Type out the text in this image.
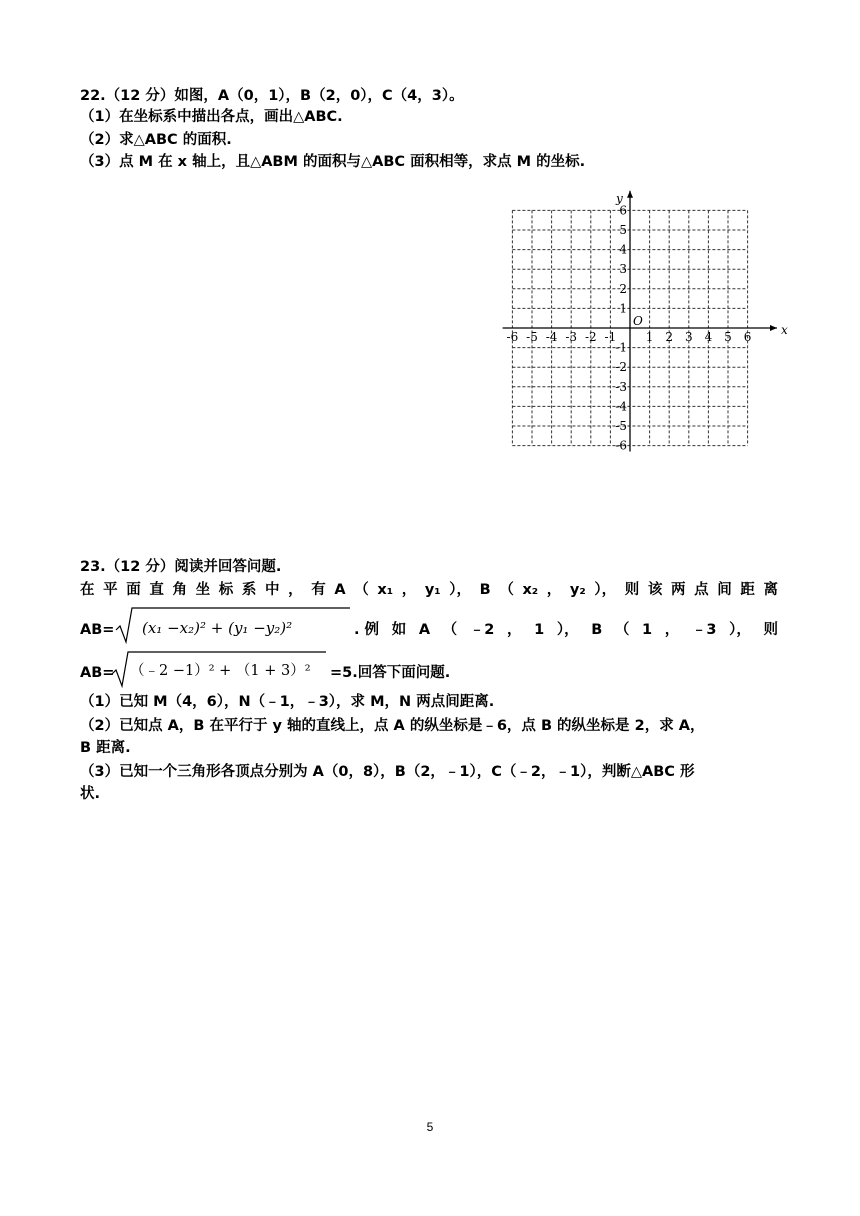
22.（12 分）如图，A（0，1），B（2，0），C（4，3）。
（1）在坐标系中描出各点，画出△ABC.
（2）求△ABC 的面积.
（3）点 M 在 x 轴上，且△ABM 的面积与△ABC 面积相等，求点 M 的坐标.
x
y
O
-6 -5 -4 -3 -2 -1 1 2 3 4 5 6
6
5
4
3
2
1
-1
-2
-3
-4
-5
-6
23.（12 分）阅读并回答问题.
在 平 面 直 角 坐 标 系 中 ， 有 A （ x₁ ， y₁ ）， B （ x₂ ， y₂ ）， 则 该 两 点 间 距 离
AB= (x₁ −x₂)² + (y₁ −y₂)²	. 例 如 A （ ﹣2 ， 1 ）， B （ 1 ， ﹣3 ）， 则
AB= （﹣2 −1）² + （1 + 3）² =5.回答下面问题.
（1）已知 M（4，6），N（﹣1，﹣3），求 M，N 两点间距离.
（2）已知点 A，B 在平行于 y 轴的直线上，点 A 的纵坐标是﹣6，点 B 的纵坐标是 2，求 A，
B 距离.
（3）已知一个三角形各顶点分别为 A（0，8），B（2，﹣1），C（﹣2，﹣1），判断△ABC 形
状.
5
